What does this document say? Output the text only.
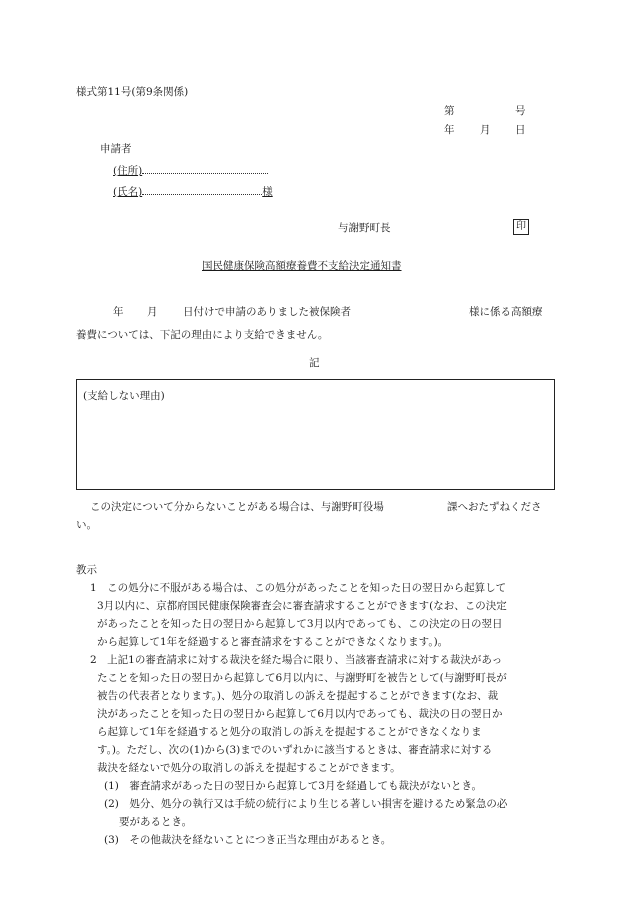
様式第11号(第9条関係)
第	号
年 月 日
申請者
(住所)
(氏名)	様
与謝野町長	印
国民健康保険高額療養費不支給決定通知書
年 月 日付けで申請のありました被保険者	様に係る高額療
養費については、下記の理由により支給できません。
記
(支給しない理由)
この決定について分からないことがある場合は、与謝野町役場	課へおたずねくださ
い。
教示
1　この処分に不服がある場合は、この処分があったことを知った日の翌日から起算して
3月以内に、京都府国民健康保険審査会に審査請求することができます(なお、この決定
があったことを知った日の翌日から起算して3月以内であっても、この決定の日の翌日
から起算して1年を経過すると審査請求をすることができなくなります。)。
2　上記1の審査請求に対する裁決を経た場合に限り、当該審査請求に対する裁決があっ
たことを知った日の翌日から起算して6月以内に、与謝野町を被告として(与謝野町長が
被告の代表者となります。)、処分の取消しの訴えを提起することができます(なお、裁
決があったことを知った日の翌日から起算して6月以内であっても、裁決の日の翌日か
ら起算して1年を経過すると処分の取消しの訴えを提起することができなくなりま
す。)。ただし、次の(1)から(3)までのいずれかに該当するときは、審査請求に対する
裁決を経ないで処分の取消しの訴えを提起することができます。
(1)　審査請求があった日の翌日から起算して3月を経過しても裁決がないとき。
(2)　処分、処分の執行又は手続の続行により生じる著しい損害を避けるため緊急の必
要があるとき。
(3)　その他裁決を経ないことにつき正当な理由があるとき。
